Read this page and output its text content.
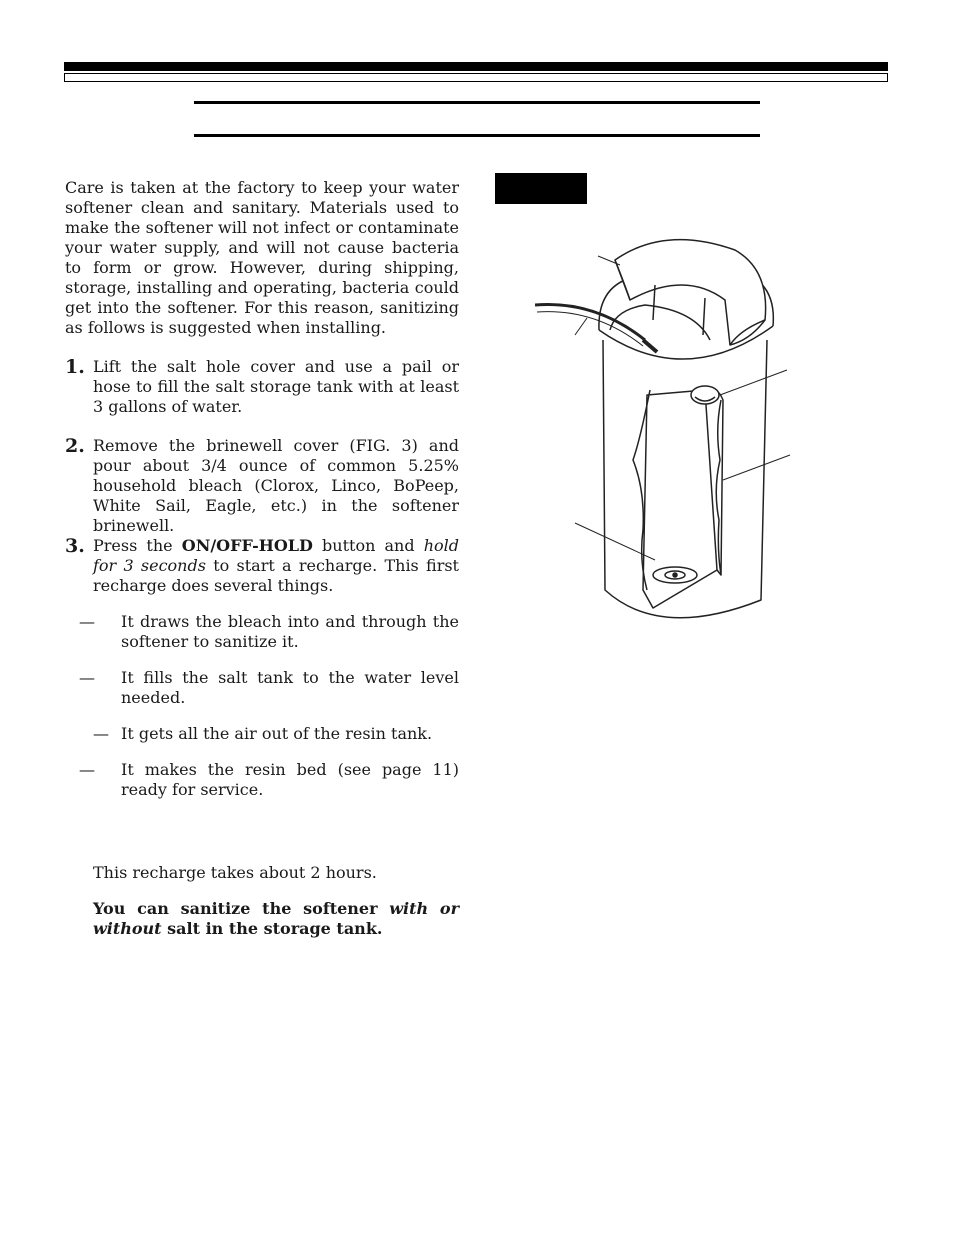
Care is taken at the factory to keep your water softener clean and sanitary. Materials used to make the softener will not infect or contaminate your water supply, and will not cause bacteria to form or grow. However, during shipping, storage, installing and operating, bacteria could get into the softener. For this reason, sanitizing as follows is suggested when installing.

1. Lift the salt hole cover and use a pail or hose to fill the salt storage tank with at least 3 gallons of water.

2. Remove the brinewell cover (FIG. 3) and pour about 3/4 ounce of common 5.25% household bleach (Clorox, Linco, BoPeep, White Sail, Eagle, etc.) in the softener brinewell.

3. Press the ON/OFF-HOLD button and hold for 3 seconds to start a recharge. This first recharge does several things.

— It draws the bleach into and through the softener to sanitize it.

— It fills the salt tank to the water level needed.

— It gets all the air out of the resin tank.

— It makes the resin bed (see page 11) ready for service.

This recharge takes about 2 hours.

You can sanitize the softener with or without salt in the storage tank.
